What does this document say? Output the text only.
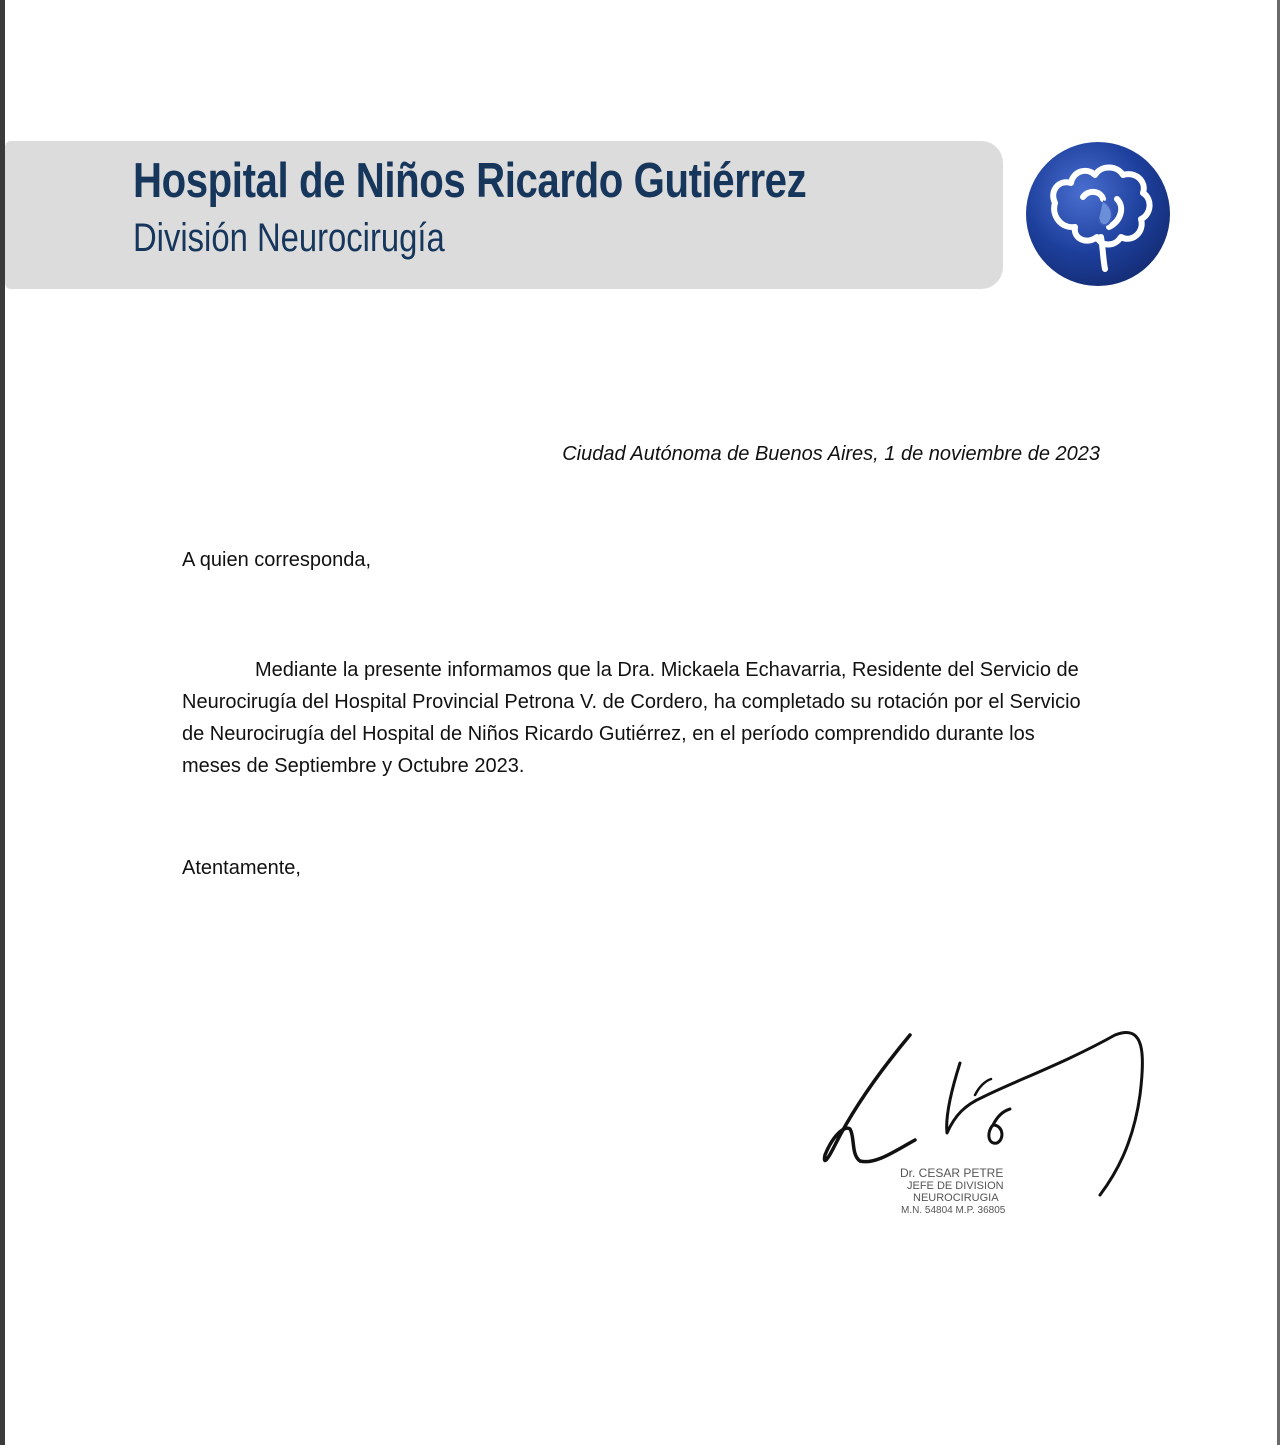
Hospital de Niños Ricardo Gutiérrez
División Neurocirugía
Ciudad Autónoma de Buenos Aires, 1 de noviembre de 2023
A quien corresponda,

Mediante la presente informamos que la Dra. Mickaela Echavarria, Residente del Servicio de Neurocirugía del Hospital Provincial Petrona V. de Cordero, ha completado su rotación por el Servicio de Neurocirugía del Hospital de Niños Ricardo Gutiérrez, en el período comprendido durante los meses de Septiembre y Octubre 2023.

Atentamente,
Dr. CESAR PETRE
JEFE DE DIVISION
NEUROCIRUGIA
M.N. 54804 M.P. 36805
